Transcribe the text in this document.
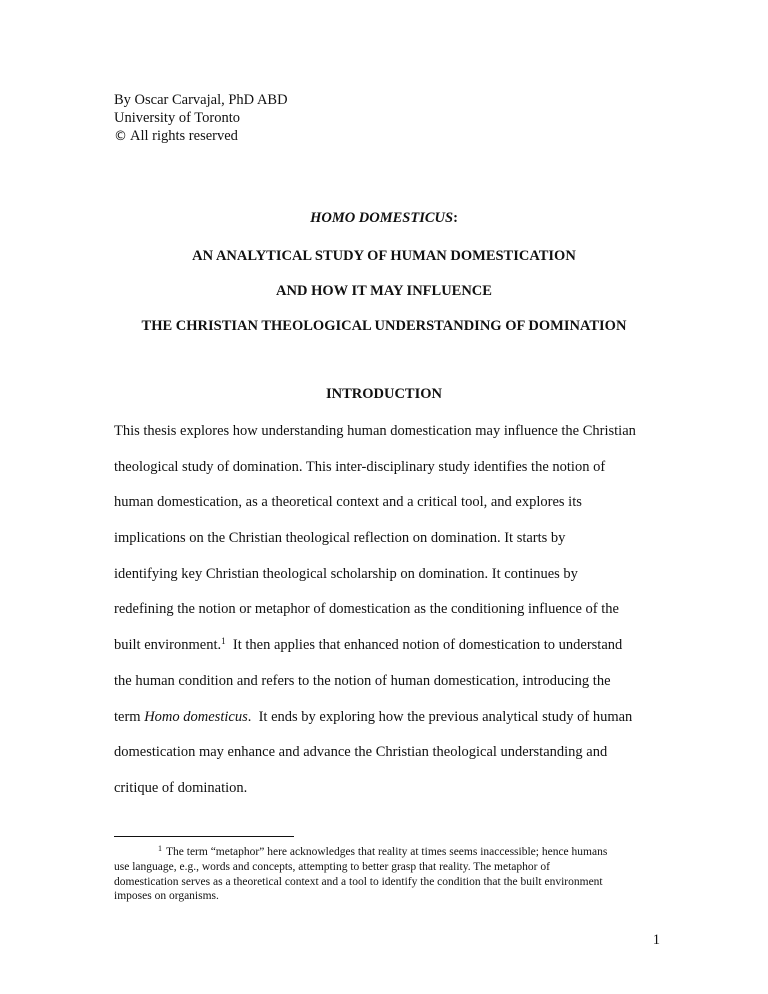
By Oscar Carvajal, PhD ABD
University of Toronto
© All rights reserved
HOMO DOMESTICUS:
AN ANALYTICAL STUDY OF HUMAN DOMESTICATION
AND HOW IT MAY INFLUENCE
THE CHRISTIAN THEOLOGICAL UNDERSTANDING OF DOMINATION
INTRODUCTION
This thesis explores how understanding human domestication may influence the Christian
theological study of domination. This inter-disciplinary study identifies the notion of
human domestication, as a theoretical context and a critical tool, and explores its
implications on the Christian theological reflection on domination. It starts by
identifying key Christian theological scholarship on domination. It continues by
redefining the notion or metaphor of domestication as the conditioning influence of the
built environment.$^1$  It then applies that enhanced notion of domestication to understand
the human condition and refers to the notion of human domestication, introducing the
term Homo domesticus.  It ends by exploring how the previous analytical study of human
domestication may enhance and advance the Christian theological understanding and
critique of domination.
$^1$ The term “metaphor” here acknowledges that reality at times seems inaccessible; hence humans
use language, e.g., words and concepts, attempting to better grasp that reality. The metaphor of
domestication serves as a theoretical context and a tool to identify the condition that the built environment
imposes on organisms.
1
